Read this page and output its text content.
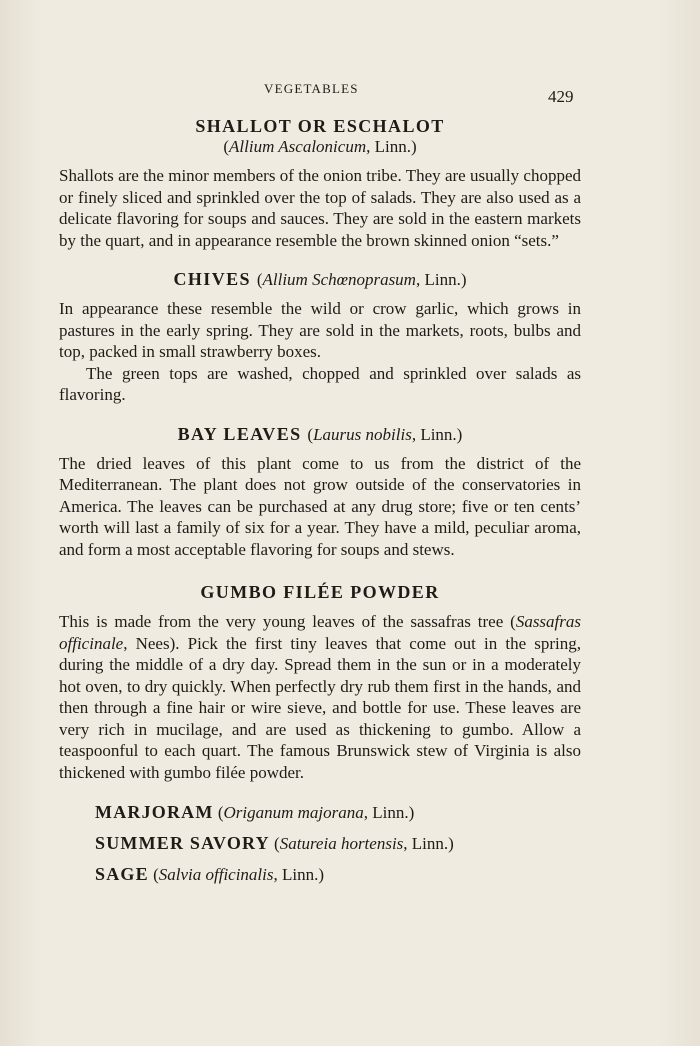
VEGETABLES	429
SHALLOT OR ESCHALOT
(Allium Ascalonicum, Linn.)

Shallots are the minor members of the onion tribe. They are usually chopped or finely sliced and sprinkled over the top of salads. They are also used as a delicate flavoring for soups and sauces. They are sold in the eastern markets by the quart, and in appearance resemble the brown skinned onion “sets.”

CHIVES (Allium Schœnoprasum, Linn.)

In appearance these resemble the wild or crow garlic, which grows in pastures in the early spring. They are sold in the markets, roots, bulbs and top, packed in small strawberry boxes.

The green tops are washed, chopped and sprinkled over salads as flavoring.

BAY LEAVES (Laurus nobilis, Linn.)

The dried leaves of this plant come to us from the district of the Mediterranean. The plant does not grow outside of the conservatories in America. The leaves can be purchased at any drug store; five or ten cents’ worth will last a family of six for a year. They have a mild, peculiar aroma, and form a most acceptable flavoring for soups and stews.

GUMBO FILÉE POWDER

This is made from the very young leaves of the sassafras tree (Sassafras officinale, Nees). Pick the first tiny leaves that come out in the spring, during the middle of a dry day. Spread them in the sun or in a moderately hot oven, to dry quickly. When perfectly dry rub them first in the hands, and then through a fine hair or wire sieve, and bottle for use. These leaves are very rich in mucilage, and are used as thickening to gumbo. Allow a teaspoonful to each quart. The famous Brunswick stew of Virginia is also thickened with gumbo filée powder.

MARJORAM (Origanum majorana, Linn.)
SUMMER SAVORY (Satureia hortensis, Linn.)
SAGE (Salvia officinalis, Linn.)
